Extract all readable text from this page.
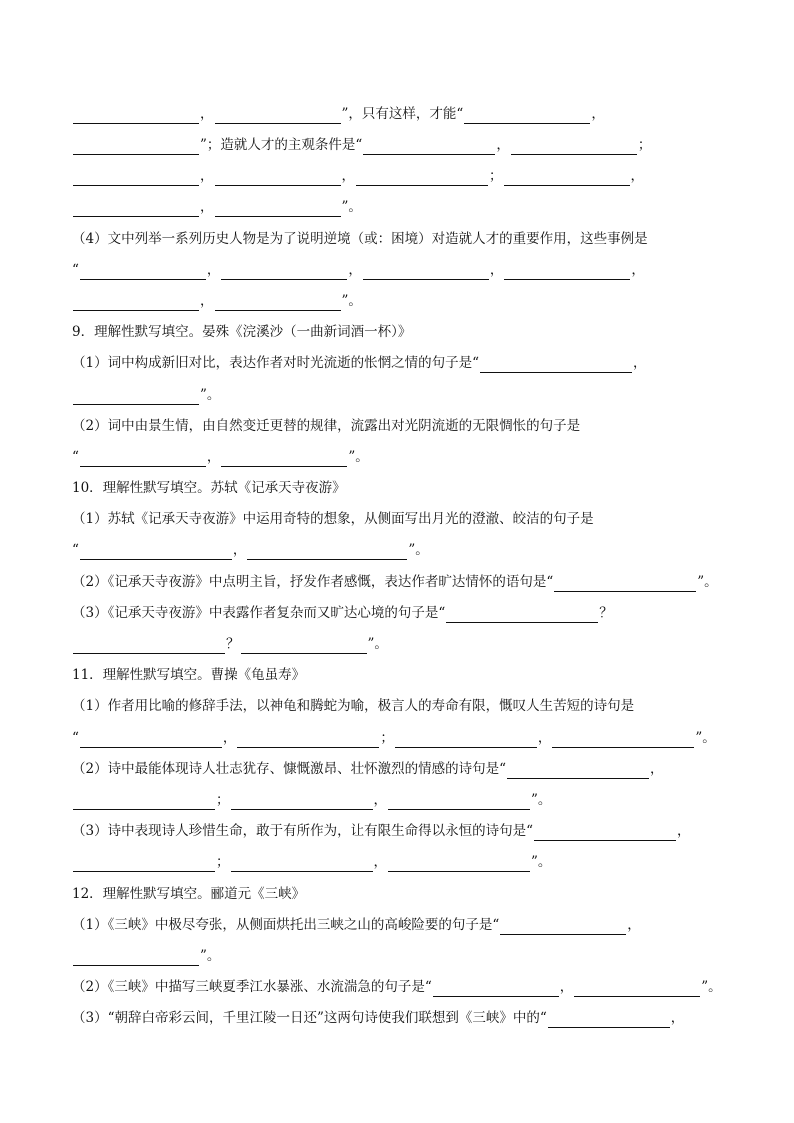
，	”，只有这样，才能“	，
”；造就人才的主观条件是“	，	；
，	，	；	，
，	”。
（4）文中列举一系列历史人物是为了说明逆境（或：困境）对造就人才的重要作用，这些事例是
“	，	，	，	，
，	”。
9．理解性默写填空。晏殊《浣溪沙（一曲新词酒一杯）》
（1）词中构成新旧对比，表达作者对时光流逝的怅惘之情的句子是“	，
”。
（2）词中由景生情，由自然变迁更替的规律，流露出对光阴流逝的无限惆怅的句子是
“	，	”。
10．理解性默写填空。苏轼《记承天寺夜游》
（1）苏轼《记承天寺夜游》中运用奇特的想象，从侧面写出月光的澄澈、皎洁的句子是
“	，	”。
（2）《记承天寺夜游》中点明主旨，抒发作者感慨，表达作者旷达情怀的语句是“	”。
（3）《记承天寺夜游》中表露作者复杂而又旷达心境的句子是“	？
？	”。
11．理解性默写填空。曹操《龟虽寿》
（1）作者用比喻的修辞手法，以神龟和腾蛇为喻，极言人的寿命有限，慨叹人生苦短的诗句是
“	，	；	，	”。
（2）诗中最能体现诗人壮志犹存、慷慨激昂、壮怀激烈的情感的诗句是“	，
；	，	”。
（3）诗中表现诗人珍惜生命，敢于有所作为，让有限生命得以永恒的诗句是“	，
；	，	”。
12．理解性默写填空。郦道元《三峡》
（1）《三峡》中极尽夸张，从侧面烘托出三峡之山的高峻险要的句子是“	，
”。
（2）《三峡》中描写三峡夏季江水暴涨、水流湍急的句子是“	，	”。
（3）“朝辞白帝彩云间，千里江陵一日还”这两句诗使我们联想到《三峡》中的“	，
